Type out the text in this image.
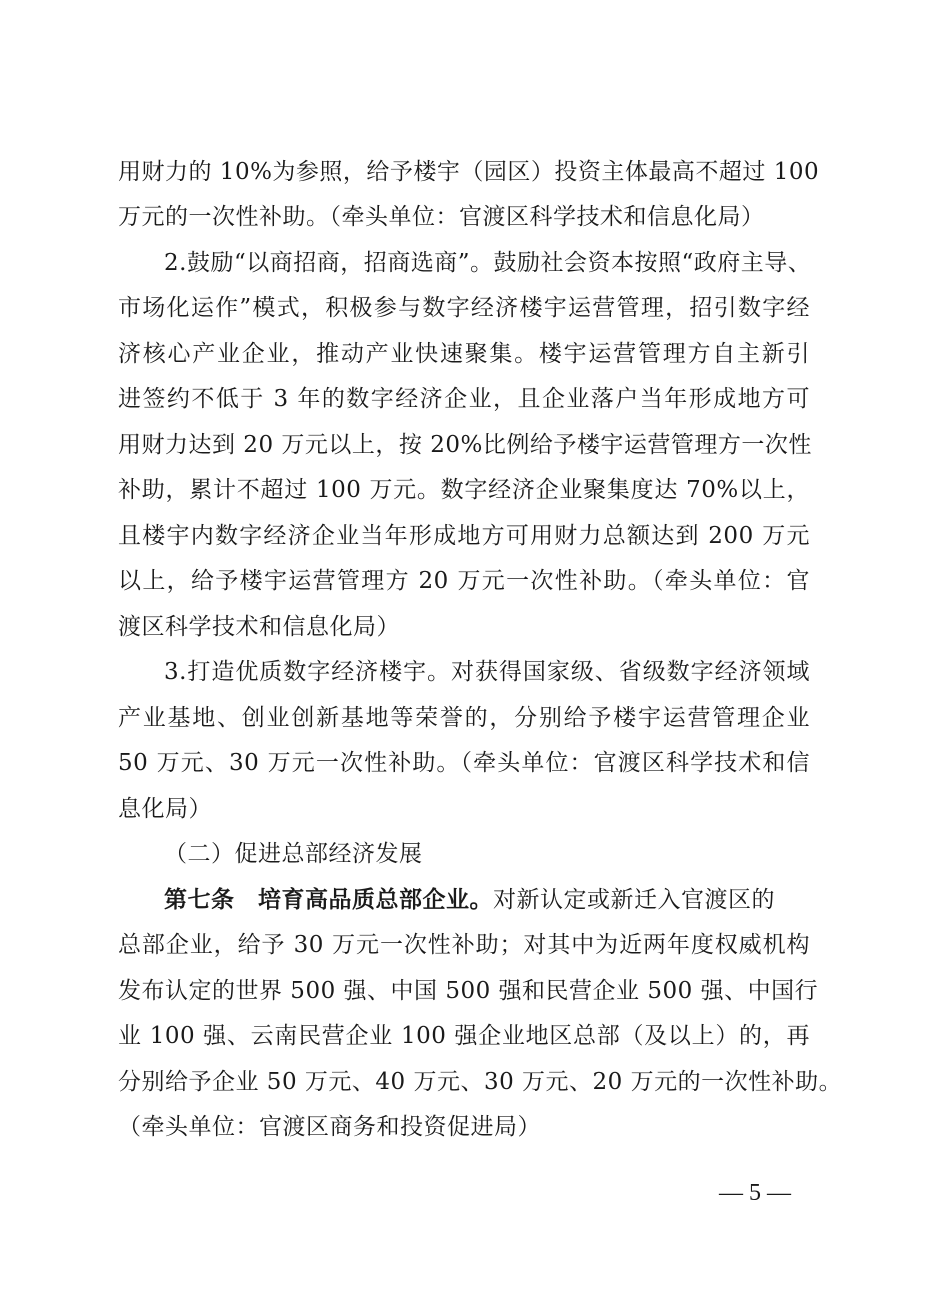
用财力的 10%为参照，给予楼宇（园区）投资主体最高不超过 100
万元的一次性补助。（牵头单位：官渡区科学技术和信息化局）
2.鼓励“以商招商，招商选商”。鼓励社会资本按照“政府主导、
市场化运作”模式，积极参与数字经济楼宇运营管理，招引数字经
济核心产业企业，推动产业快速聚集。楼宇运营管理方自主新引
进签约不低于 3 年的数字经济企业，且企业落户当年形成地方可
用财力达到 20 万元以上，按 20%比例给予楼宇运营管理方一次性
补助，累计不超过 100 万元。数字经济企业聚集度达 70%以上，
且楼宇内数字经济企业当年形成地方可用财力总额达到 200 万元
以上，给予楼宇运营管理方 20 万元一次性补助。（牵头单位：官
渡区科学技术和信息化局）
3.打造优质数字经济楼宇。对获得国家级、省级数字经济领域
产业基地、创业创新基地等荣誉的，分别给予楼宇运营管理企业
50 万元、30 万元一次性补助。（牵头单位：官渡区科学技术和信
息化局）
（二）促进总部经济发展
第七条　培育高品质总部企业。对新认定或新迁入官渡区的
总部企业，给予 30 万元一次性补助；对其中为近两年度权威机构
发布认定的世界 500 强、中国 500 强和民营企业 500 强、中国行
业 100 强、云南民营企业 100 强企业地区总部（及以上）的，再
分别给予企业 50 万元、40 万元、30 万元、20 万元的一次性补助。
（牵头单位：官渡区商务和投资促进局）
— 5 —
